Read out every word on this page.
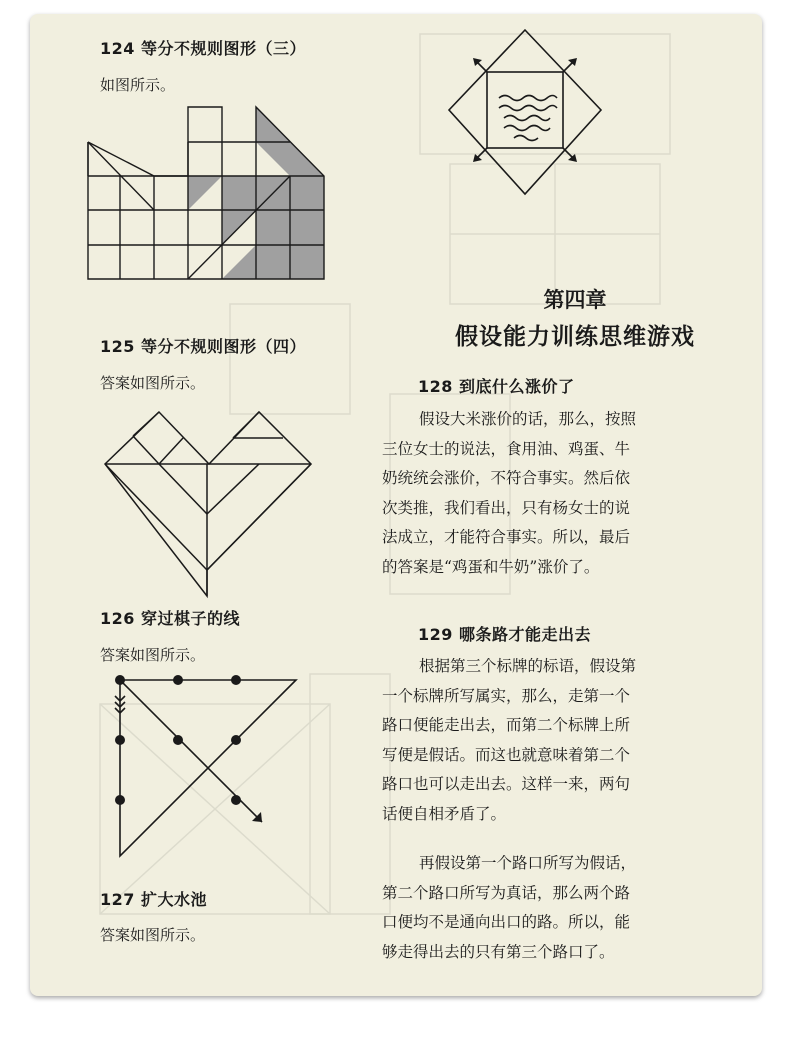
124 等分不规则图形（三）
如图所示。
125 等分不规则图形（四）
答案如图所示。
126 穿过棋子的线
答案如图所示。
127 扩大水池
答案如图所示。
第四章
假设能力训练思维游戏
128 到底什么涨价了
假设大米涨价的话，那么，按照
三位女士的说法，食用油、鸡蛋、牛
奶统统会涨价，不符合事实。然后依
次类推，我们看出，只有杨女士的说
法成立，才能符合事实。所以，最后
的答案是“鸡蛋和牛奶”涨价了。
129 哪条路才能走出去
根据第三个标牌的标语，假设第
一个标牌所写属实，那么，走第一个
路口便能走出去，而第二个标牌上所
写便是假话。而这也就意味着第二个
路口也可以走出去。这样一来，两句
话便自相矛盾了。
再假设第一个路口所写为假话，
第二个路口所写为真话，那么两个路
口便均不是通向出口的路。所以，能
够走得出去的只有第三个路口了。
